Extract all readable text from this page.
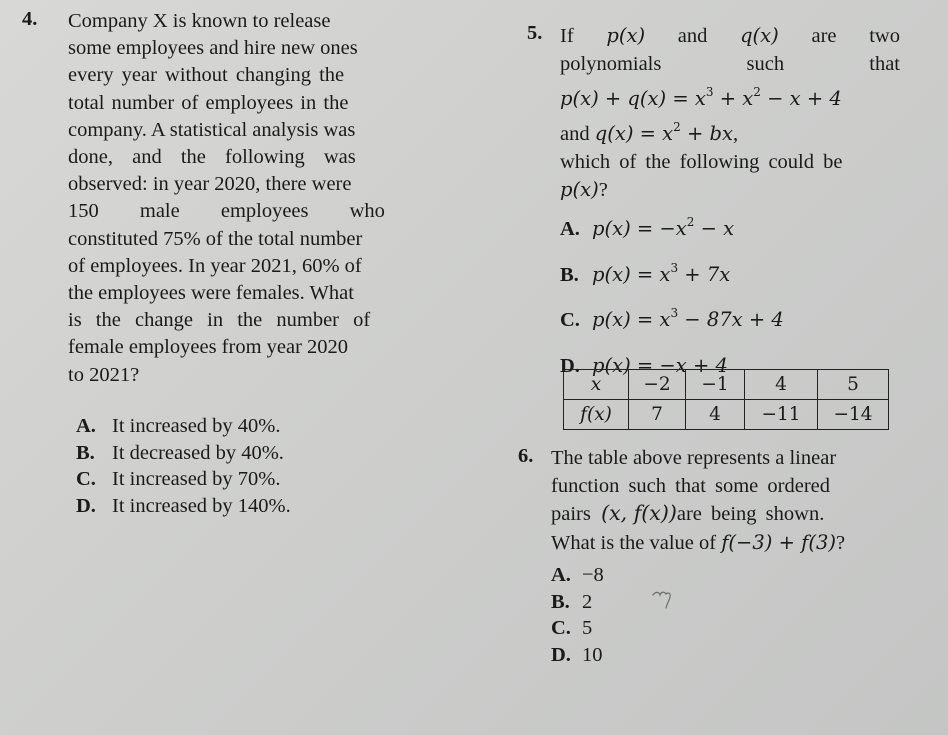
4. Company X is known to release
some employees and hire new ones
every year without changing the
total number of employees in the
company. A statistical analysis was
done, and the following was
observed: in year 2020, there were
150 male employees who
constituted 75% of the total number
of employees. In year 2021, 60% of
the employees were females. What
is the change in the number of
female employees from year 2020
to 2021?
A. It increased by 40%.
B. It decreased by 40%.
C. It increased by 70%.
D. It increased by 140%.
5. If p(x) and q(x) are two
polynomials	such	that
$p(x) + q(x) = x^3 + x^2 - x + 4$
and $q(x) = x^2$ + bx,
which of the following could be
p(x)?
A. $p(x) = -x^2 - x$
B. $p(x) = x^3 + 7x$
C. $p(x) = x^3 - 87x + 4$
D. p(x) = −x + 4
x	−2	−1	4	5
f(x)	7	4	−11	−14
6. The table above represents a linear
function such that some ordered
pairs (x, f(x))are being shown.
What is the value of f(−3) + f(3)?
A. −8
B. 2
C. 5
D. 10
